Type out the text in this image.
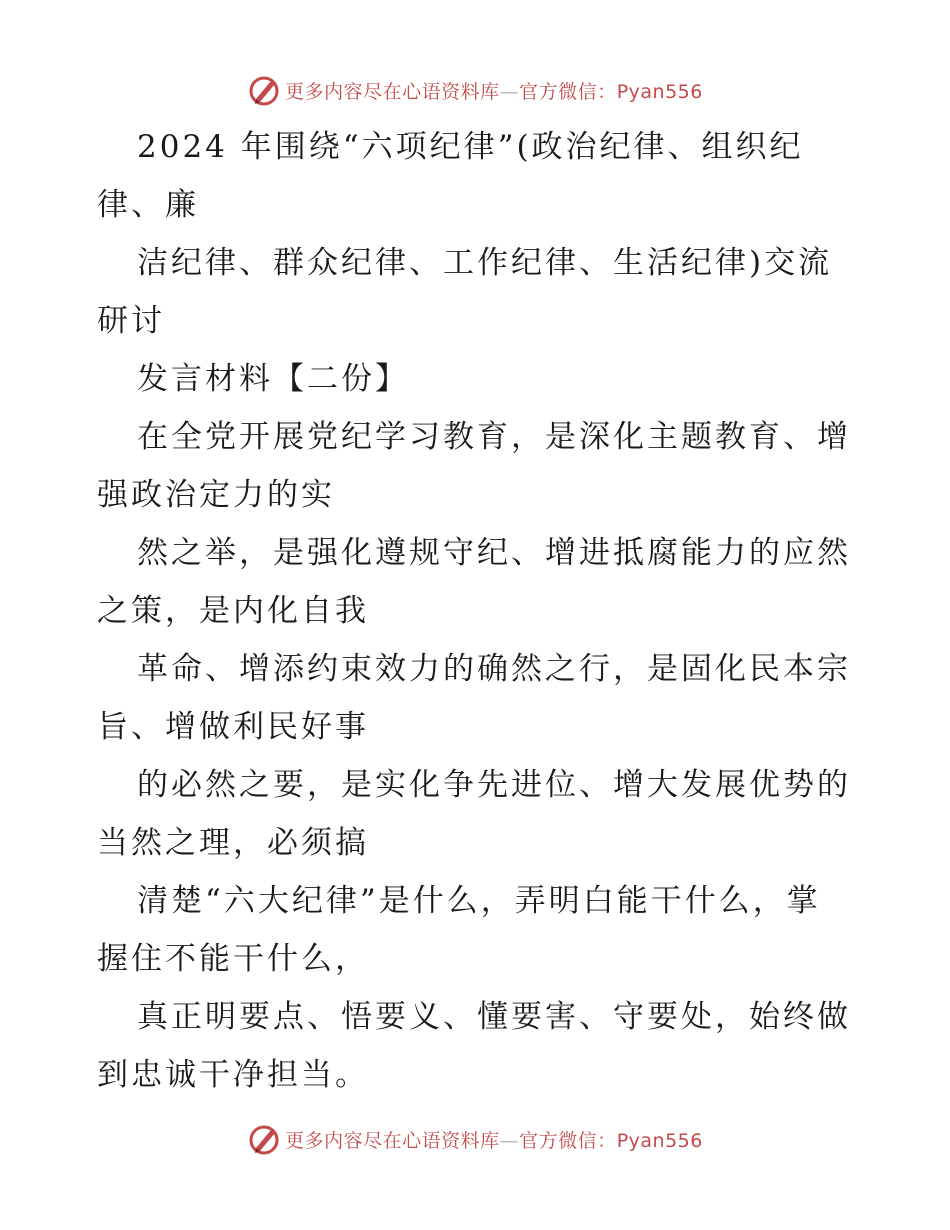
更多内容尽在心语资料库—官方微信：Pyan556
2024 年围绕“六项纪律”(政治纪律、组织纪
律、廉
洁纪律、群众纪律、工作纪律、生活纪律)交流
研讨
发言材料【二份】
在全党开展党纪学习教育，是深化主题教育、增
强政治定力的实
然之举，是强化遵规守纪、增进抵腐能力的应然
之策，是内化自我
革命、增添约束效力的确然之行，是固化民本宗
旨、增做利民好事
的必然之要，是实化争先进位、增大发展优势的
当然之理，必须搞
清楚“六大纪律”是什么，弄明白能干什么，掌
握住不能干什么，
真正明要点、悟要义、懂要害、守要处，始终做
到忠诚干净担当。
更多内容尽在心语资料库—官方微信：Pyan556
